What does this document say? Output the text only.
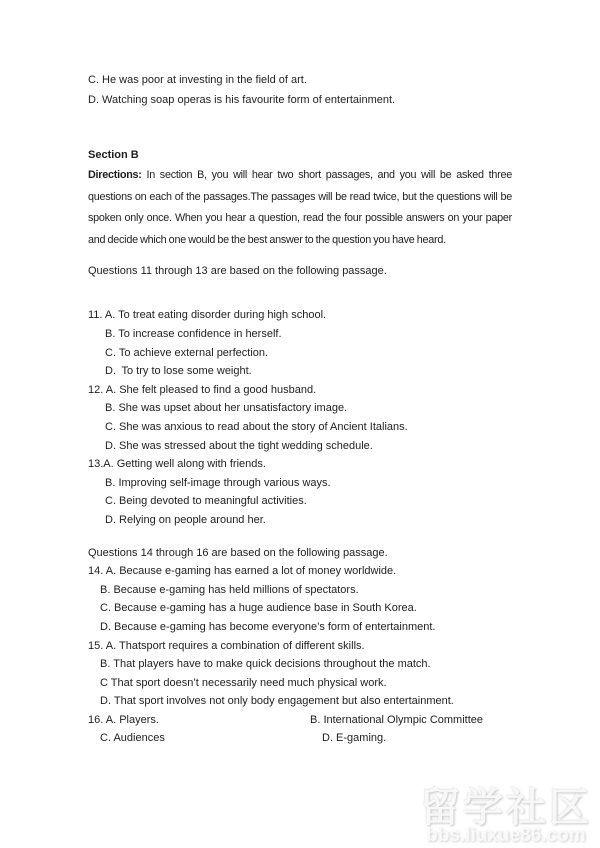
C. He was poor at investing in the field of art.
D. Watching soap operas is his favourite form of entertainment.
Section B

Directions: In section B, you will hear two short passages, and you will be asked three questions on each of the passages.The passages will be read twice, but the questions will be spoken only once. When you hear a question, read the four possible answers on your paper and decide which one would be the best answer to the question you have heard.

Questions 11 through 13 are based on the following passage.
11. A. To treat eating disorder during high school.
B. To increase confidence in herself.
C. To achieve external perfection.
D. To try to lose some weight.
12. A. She felt pleased to find a good husband.
B. She was upset about her unsatisfactory image.
C. She was anxious to read about the story of Ancient Italians.
D. She was stressed about the tight wedding schedule.
13.A. Getting well along with friends.
B. Improving self-image through various ways.
C. Being devoted to meaningful activities.
D. Relying on people around her.
Questions 14 through 16 are based on the following passage.
14. A. Because e-gaming has earned a lot of money worldwide.
B. Because e-gaming has held millions of spectators.
C. Because e-gaming has a huge audience base in South Korea.
D. Because e-gaming has become everyone’s form of entertainment.
15. A. Thatsport requires a combination of different skills.
B. That players have to make quick decisions throughout the match.
C That sport doesn’t necessarily need much physical work.
D. That sport involves not only body engagement but also entertainment.
16. A. Players.	B. International Olympic Committee
C. Audiences	D. E-gaming.
留学社区
bbs.liuxue86.com
